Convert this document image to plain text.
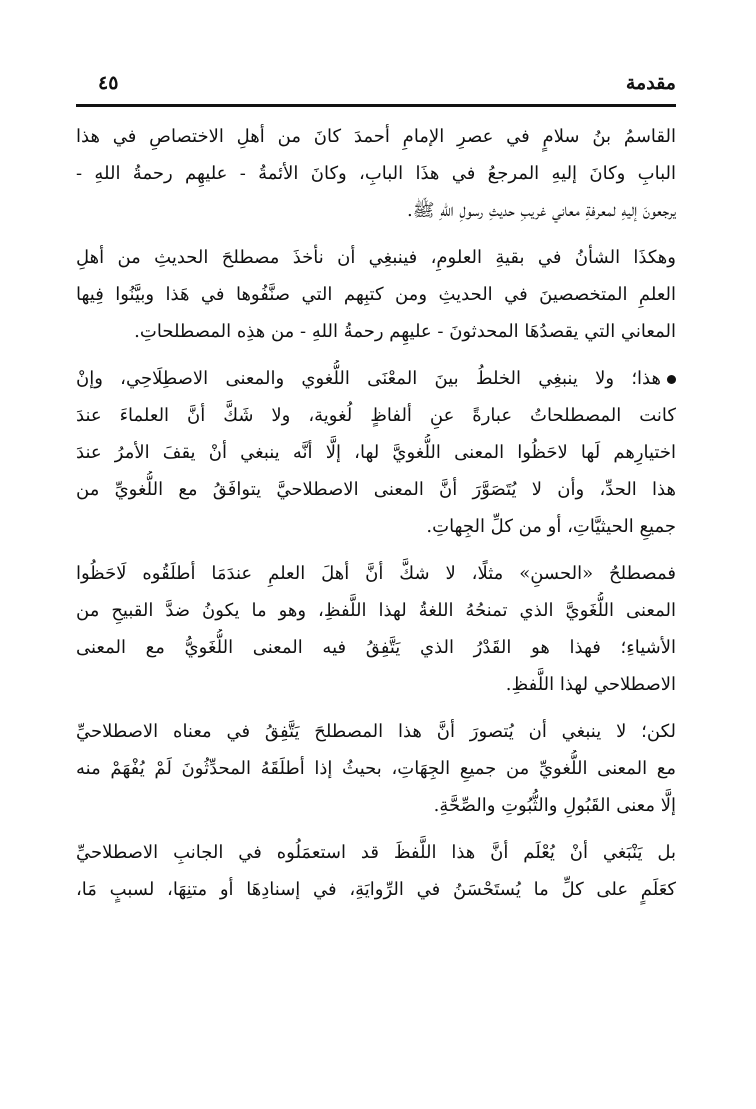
مقدمة
٤٥
القاسمُ بنُ سلامٍ في عصرِ الإمامِ أحمدَ كانَ من أهلِ الاختصاصِ في هذا
البابِ وكانَ إليهِ المرجعُ في هذَا البابِ، وكانَ الأئمةُ - عليهِم رحمةُ اللهِ -
يرجعونَ إليهِ لمعرفةِ معاني غريبِ حديثِ رسولِ اللهِ ﷺ.
وهكذَا الشأنُ في بقيةِ العلومِ، فينبغِي أن نأخذَ مصطلحَ الحديثِ من أهلِ
العلمِ المتخصصينَ في الحديثِ ومن كتبِهم التي صنَّفُوها في هَذا وبيَّنُوا فِيها
المعاني التي يقصدُهَا المحدثونَ - عليهِم رحمةُ اللهِ - من هذِه المصطلحاتِ.
هذا؛ ولا ينبغِي الخلطُ بينَ المعْنَى اللُّغوي والمعنى الاصطِلَاحِي، وإنْ
كانت المصطلحاتُ عبارةً عنِ ألفاظٍ لُغوية، ولا شَكَّ أنَّ العلماءَ عندَ
اختيارِهم لَها لاحَظُوا المعنى اللُّغويَّ لها، إلَّا أنَّه ينبغي أنْ يقفَ الأمرُ عندَ
هذا الحدِّ، وأن لا يُتَصَوَّرَ أنَّ المعنى الاصطلاحيَّ يتوافَقُ مع اللُّغويِّ من
جميعِ الحيثيَّاتِ، أو من كلِّ الجِهاتِ.
فمصطلحُ «الحسنِ» مثلًا، لا شكَّ أنَّ أهلَ العلمِ عندَمَا أطلَقُوه لَاحَظُوا
المعنى اللُّغَويَّ الذي تمنحُهُ اللغةُ لهذا اللَّفظِ، وهو ما يكونُ ضدَّ القبيحِ من
الأشياءِ؛ فهذا هو القَدْرُ الذي يَتَّفِقُ فيه المعنى اللُّغَويُّ مع المعنى
الاصطلاحي لهذا اللَّفظِ.
لكن؛ لا ينبغي أن يُتصورَ أنَّ هذا المصطلحَ يَتَّفِقُ في معناه الاصطلاحيِّ
مع المعنى اللُّغويِّ من جميعِ الجِهَاتِ، بحيثُ إذا أطلَقَهُ المحدِّثُونَ لَمْ يُفْهَمْ منه
إلَّا معنى القَبُولِ والثُّبُوتِ والصِّحَّةِ.
بل يَنْبَغي أنْ يُعْلَم أنَّ هذا اللَّفظَ قد استعمَلُوه في الجانبِ الاصطلاحيِّ
كعَلَمٍ على كلِّ ما يُستَحْسَنُ في الرِّوايَةِ، في إسنادِهَا أو متنِهَا، لسببٍ مَا،
